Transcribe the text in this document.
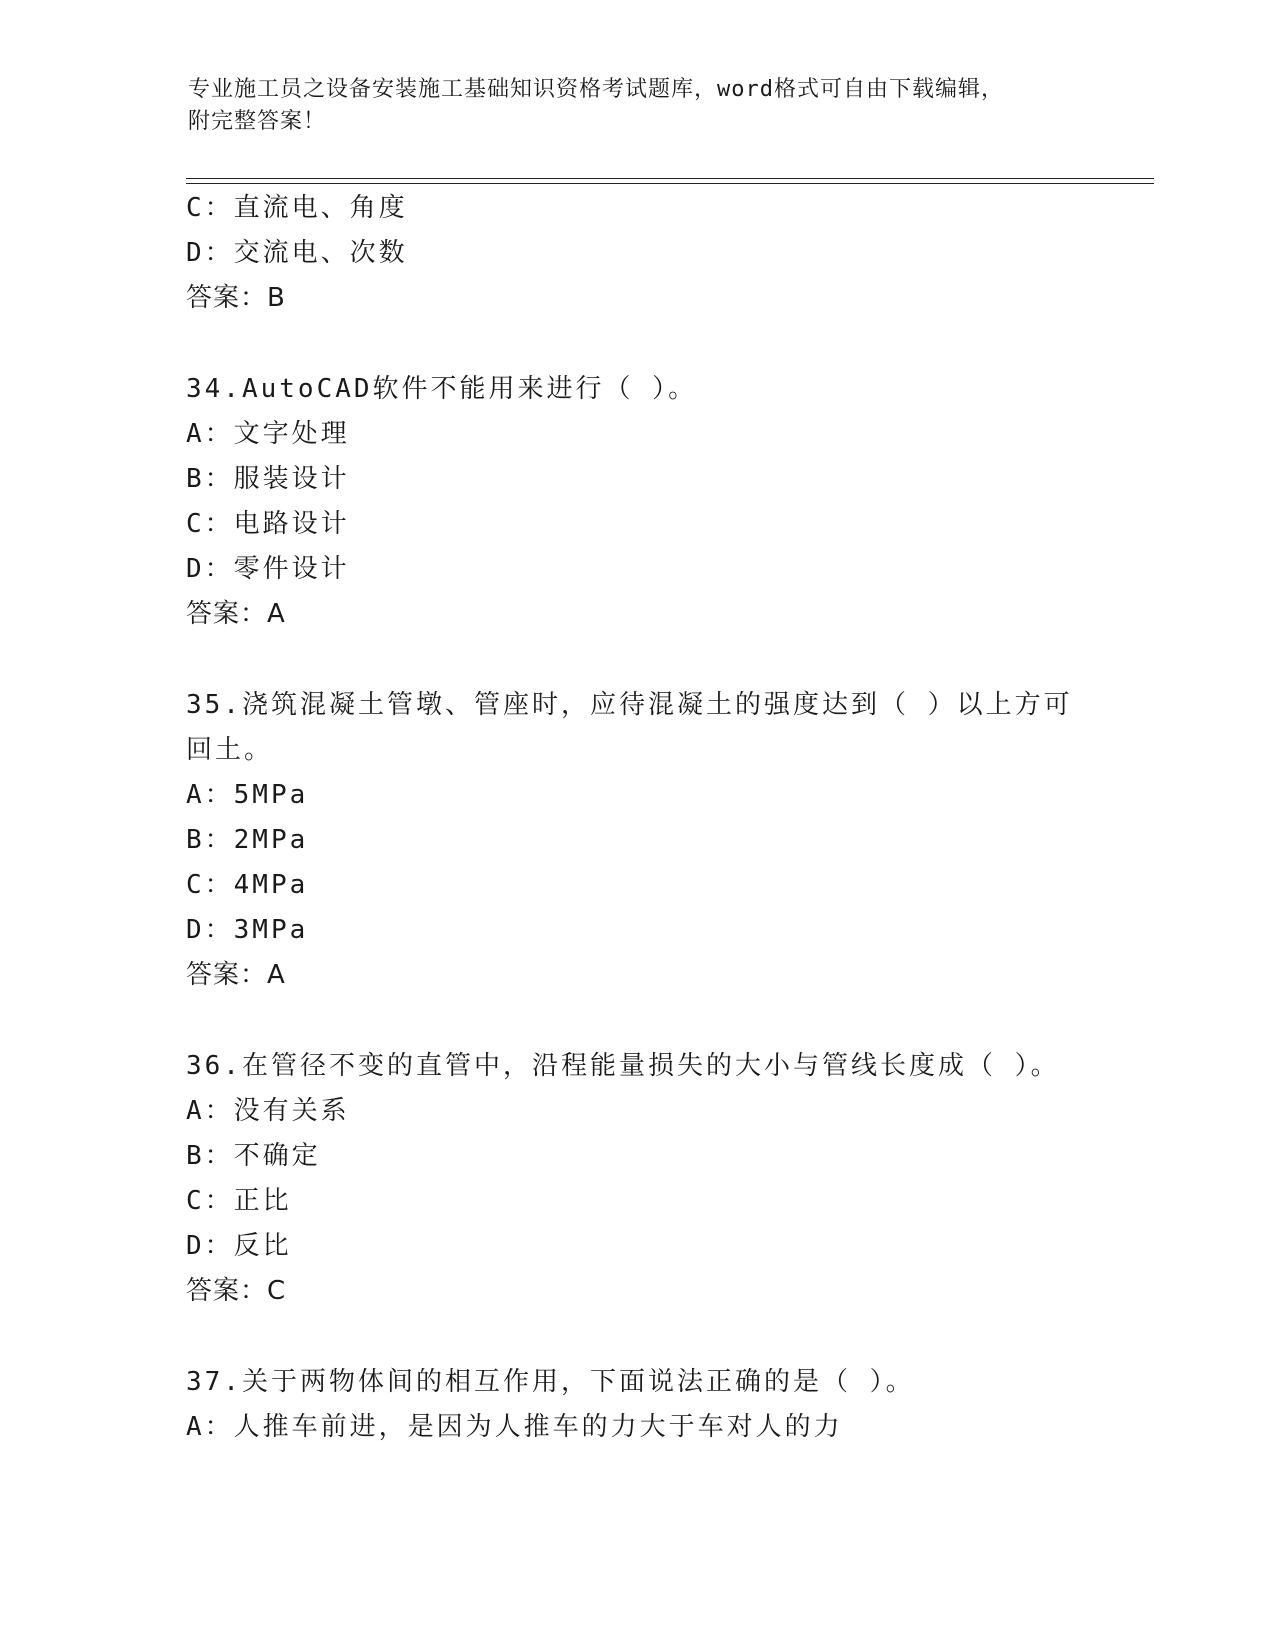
专业施工员之设备安装施工基础知识资格考试题库，word格式可自由下载编辑，
附完整答案！
C：直流电、角度
D：交流电、次数
答案：B
34.AutoCAD软件不能用来进行（ ）。
A：文字处理
B：服装设计
C：电路设计
D：零件设计
答案：A
35.浇筑混凝土管墩、管座时，应待混凝土的强度达到（ ）以上方可
回土。
A：5MPa
B：2MPa
C：4MPa
D：3MPa
答案：A
36.在管径不变的直管中，沿程能量损失的大小与管线长度成（ ）。
A：没有关系
B：不确定
C：正比
D：反比
答案：C
37.关于两物体间的相互作用，下面说法正确的是（ ）。
A：人推车前进，是因为人推车的力大于车对人的力
